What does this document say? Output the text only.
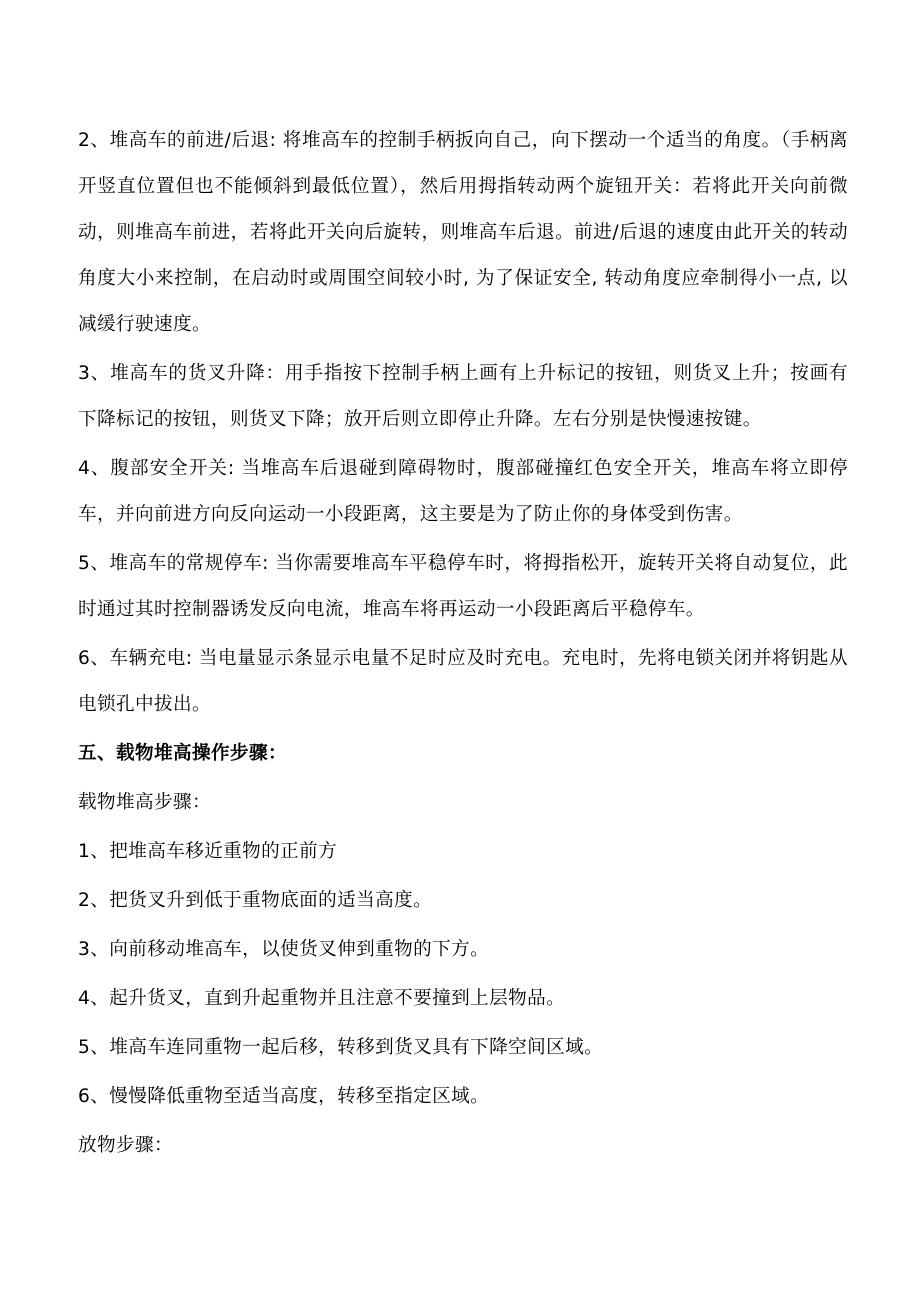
2、堆高车的前进/后退: 将堆高车的控制手柄扳向自己，向下摆动一个适当的角度。（手柄离开竖直位置但也不能倾斜到最低位置），然后用拇指转动两个旋钮开关：若将此开关向前微动，则堆高车前进，若将此开关向后旋转，则堆高车后退。前进/后退的速度由此开关的转动角度大小来控制，在启动时或周围空间较小时, 为了保证安全, 转动角度应牵制得小一点, 以减缓行驶速度。

3、堆高车的货叉升降：用手指按下控制手柄上画有上升标记的按钮，则货叉上升；按画有下降标记的按钮，则货叉下降；放开后则立即停止升降。左右分别是快慢速按键。

4、腹部安全开关: 当堆高车后退碰到障碍物时，腹部碰撞红色安全开关，堆高车将立即停车，并向前进方向反向运动一小段距离，这主要是为了防止你的身体受到伤害。

5、堆高车的常规停车: 当你需要堆高车平稳停车时，将拇指松开，旋转开关将自动复位，此时通过其时控制器诱发反向电流，堆高车将再运动一小段距离后平稳停车。

6、车辆充电: 当电量显示条显示电量不足时应及时充电。充电时，先将电锁关闭并将钥匙从电锁孔中拔出。

五、载物堆高操作步骤：

载物堆高步骤：

1、把堆高车移近重物的正前方

2、把货叉升到低于重物底面的适当高度。

3、向前移动堆高车，以使货叉伸到重物的下方。

4、起升货叉，直到升起重物并且注意不要撞到上层物品。

5、堆高车连同重物一起后移，转移到货叉具有下降空间区域。

6、慢慢降低重物至适当高度，转移至指定区域。

放物步骤：
